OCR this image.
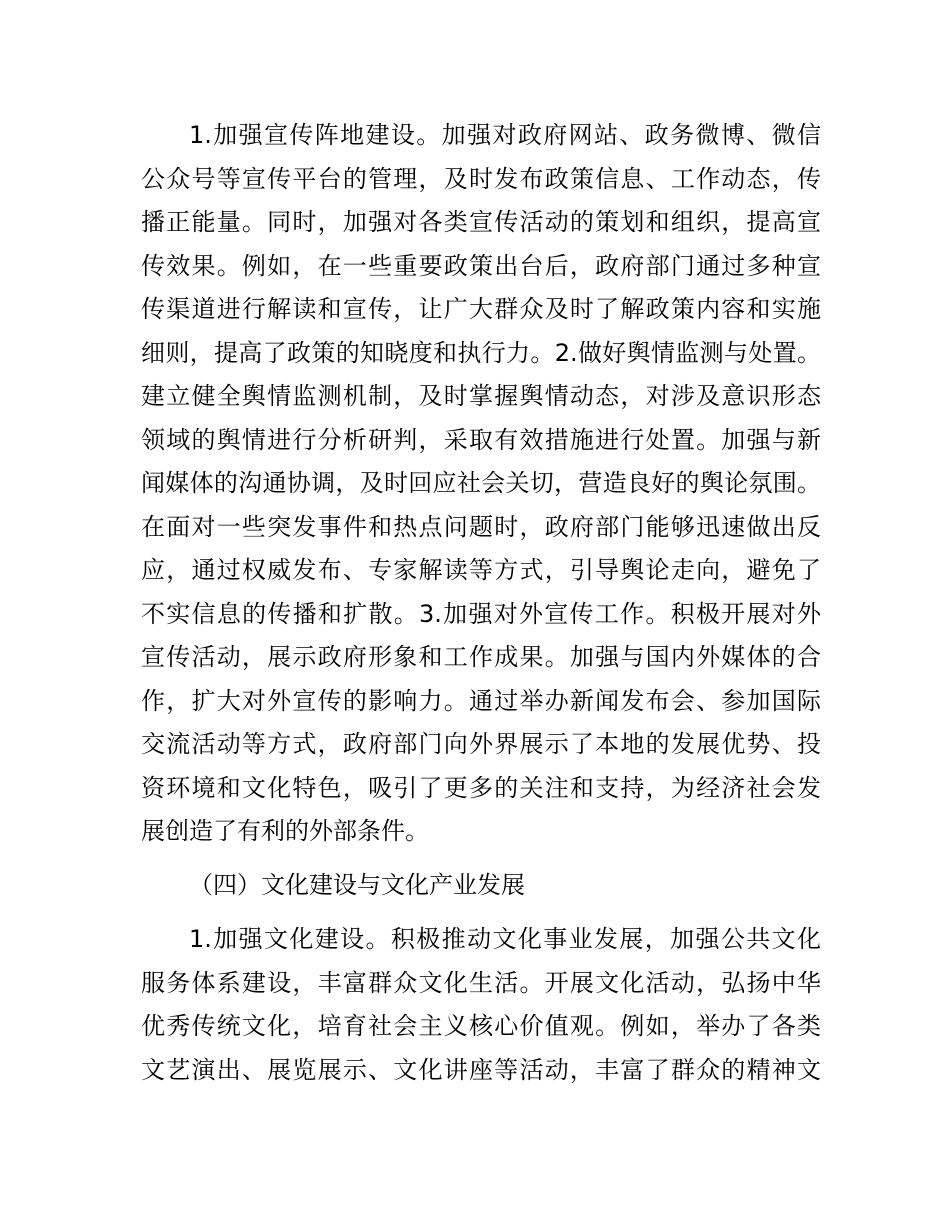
1.加强宣传阵地建设。加强对政府网站、政务微博、微信
公众号等宣传平台的管理，及时发布政策信息、工作动态，传
播正能量。同时，加强对各类宣传活动的策划和组织，提高宣
传效果。例如，在一些重要政策出台后，政府部门通过多种宣
传渠道进行解读和宣传，让广大群众及时了解政策内容和实施
细则，提高了政策的知晓度和执行力。2.做好舆情监测与处置。
建立健全舆情监测机制，及时掌握舆情动态，对涉及意识形态
领域的舆情进行分析研判，采取有效措施进行处置。加强与新
闻媒体的沟通协调，及时回应社会关切，营造良好的舆论氛围。
在面对一些突发事件和热点问题时，政府部门能够迅速做出反
应，通过权威发布、专家解读等方式，引导舆论走向，避免了
不实信息的传播和扩散。3.加强对外宣传工作。积极开展对外
宣传活动，展示政府形象和工作成果。加强与国内外媒体的合
作，扩大对外宣传的影响力。通过举办新闻发布会、参加国际
交流活动等方式，政府部门向外界展示了本地的发展优势、投
资环境和文化特色，吸引了更多的关注和支持，为经济社会发
展创造了有利的外部条件。
（四）文化建设与文化产业发展
1.加强文化建设。积极推动文化事业发展，加强公共文化
服务体系建设，丰富群众文化生活。开展文化活动，弘扬中华
优秀传统文化，培育社会主义核心价值观。例如，举办了各类
文艺演出、展览展示、文化讲座等活动，丰富了群众的精神文
